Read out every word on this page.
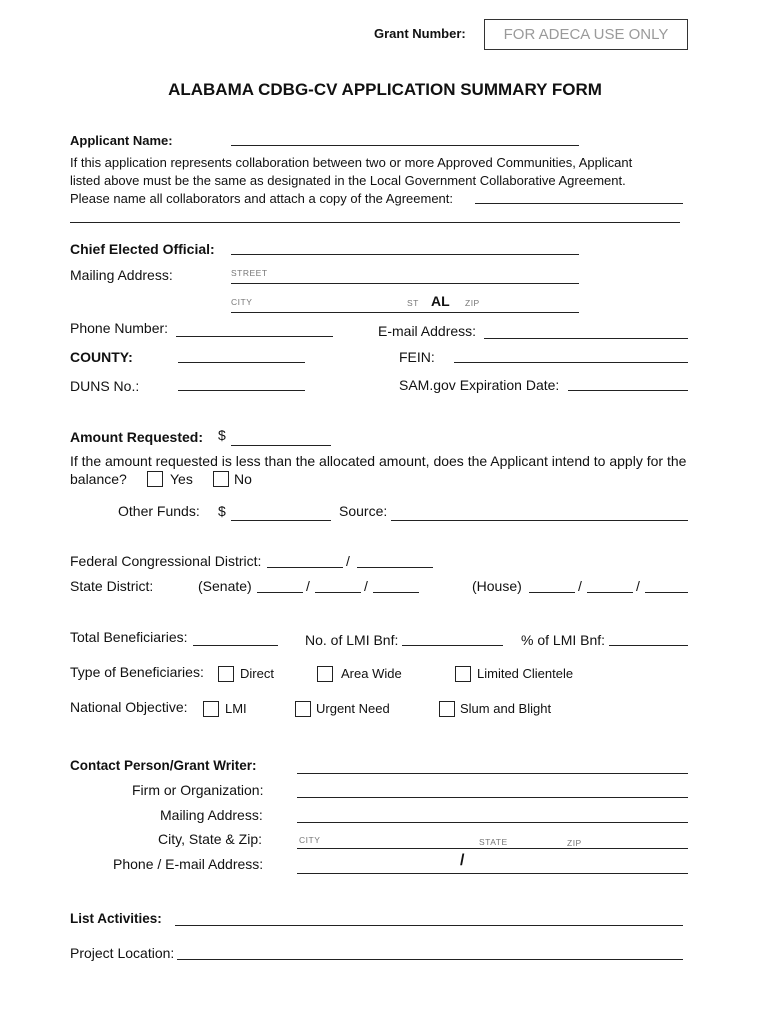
Grant Number:	FOR ADECA USE ONLY
ALABAMA CDBG-CV APPLICATION SUMMARY FORM
Applicant Name:
If this application represents collaboration between two or more Approved Communities, Applicant
listed above must be the same as designated in the Local Government Collaborative Agreement.
Please name all collaborators and attach a copy of the Agreement:
Chief Elected Official:
Mailing Address:	STREET
CITY	ST AL ZIP
Phone Number:	E-mail Address:
COUNTY:	FEIN:
DUNS No.:	SAM.gov Expiration Date:
Amount Requested: $
If the amount requested is less than the allocated amount, does the Applicant intend to apply for the
balance?	Yes	No
Other Funds: $	Source:
Federal Congressional District:	/
State District:	(Senate)	/	/	(House)	/	/
Total Beneficiaries:	No. of LMI Bnf:	% of LMI Bnf:
Type of Beneficiaries:	Direct	Area Wide	Limited Clientele
National Objective:	LMI	Urgent Need	Slum and Blight
Contact Person/Grant Writer:
Firm or Organization:
Mailing Address:
City, State & Zip:	CITY	STATE	ZIP
Phone / E-mail Address:	/
List Activities:
Project Location:
